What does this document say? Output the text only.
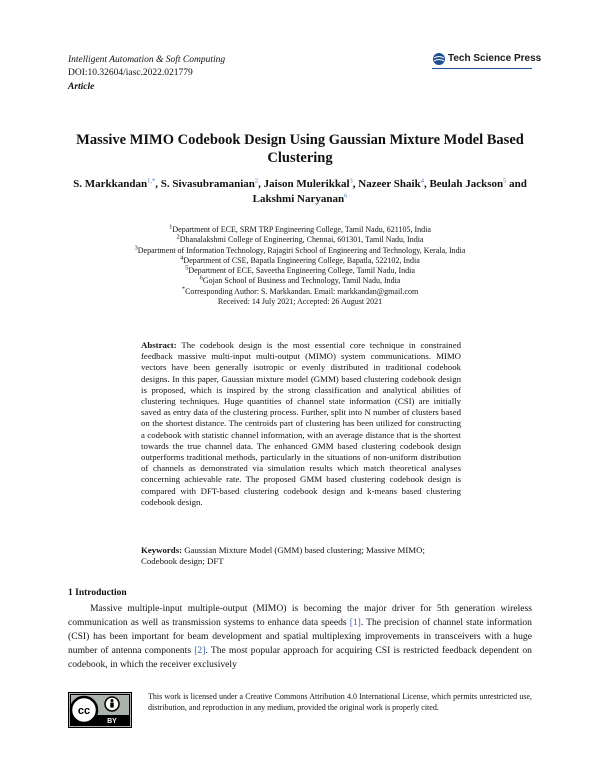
Intelligent Automation & Soft Computing
DOI:10.32604/iasc.2022.021779
Article
Tech Science Press
Massive MIMO Codebook Design Using Gaussian Mixture Model Based Clustering
S. Markkandan$^{1,*}$, S. Sivasubramanian$^2$, Jaison Mulerikkal$^3$, Nazeer Shaik$^4$, Beulah Jackson$^5$ and
Lakshmi Naryanan$^6$
$^1$Department of ECE, SRM TRP Engineering College, Tamil Nadu, 621105, India
$^2$Dhanalakshmi College of Engineering, Chennai, 601301, Tamil Nadu, India
$^3$Department of Information Technology, Rajagiri School of Engineering and Technology, Kerala, India
$^4$Department of CSE, Bapatla Engineering College, Bapatla, 522102, India
$^5$Department of ECE, Saveetha Engineering College, Tamil Nadu, India
$^6$Gojan School of Business and Technology, Tamil Nadu, India
*Corresponding Author: S. Markkandan. Email: markkandan@gmail.com
Received: 14 July 2021; Accepted: 26 August 2021
Abstract: The codebook design is the most essential core technique in constrained feedback massive multi-input multi-output (MIMO) system communications. MIMO vectors have been generally isotropic or evenly distributed in traditional codebook designs. In this paper, Gaussian mixture model (GMM) based clustering codebook design is proposed, which is inspired by the strong classification and analytical abilities of clustering techniques. Huge quantities of channel state information (CSI) are initially saved as entry data of the clustering process. Further, split into N number of clusters based on the shortest distance. The centroids part of clustering has been utilized for constructing a codebook with statistic channel information, with an average distance that is the shortest towards the true channel data. The enhanced GMM based clustering codebook design outperforms traditional methods, particularly in the situations of non-uniform distribution of channels as demonstrated via simulation results which match theoretical analyses concerning achievable rate. The proposed GMM based clustering codebook design is compared with DFT-based clustering codebook design and k-means based clustering codebook design.
Keywords: Gaussian Mixture Model (GMM) based clustering; Massive MIMO; Codebook design; DFT
1 Introduction
Massive multiple-input multiple-output (MIMO) is becoming the major driver for 5th generation wireless communication as well as transmission systems to enhance data speeds [1]. The precision of channel state information (CSI) has been important for beam development and spatial multiplexing improvements in transceivers with a huge number of antenna components [2]. The most popular approach for acquiring CSI is restricted feedback dependent on codebook, in which the receiver exclusively
cc
BY
This work is licensed under a Creative Commons Attribution 4.0 International License, which permits unrestricted use, distribution, and reproduction in any medium, provided the original work is properly cited.
